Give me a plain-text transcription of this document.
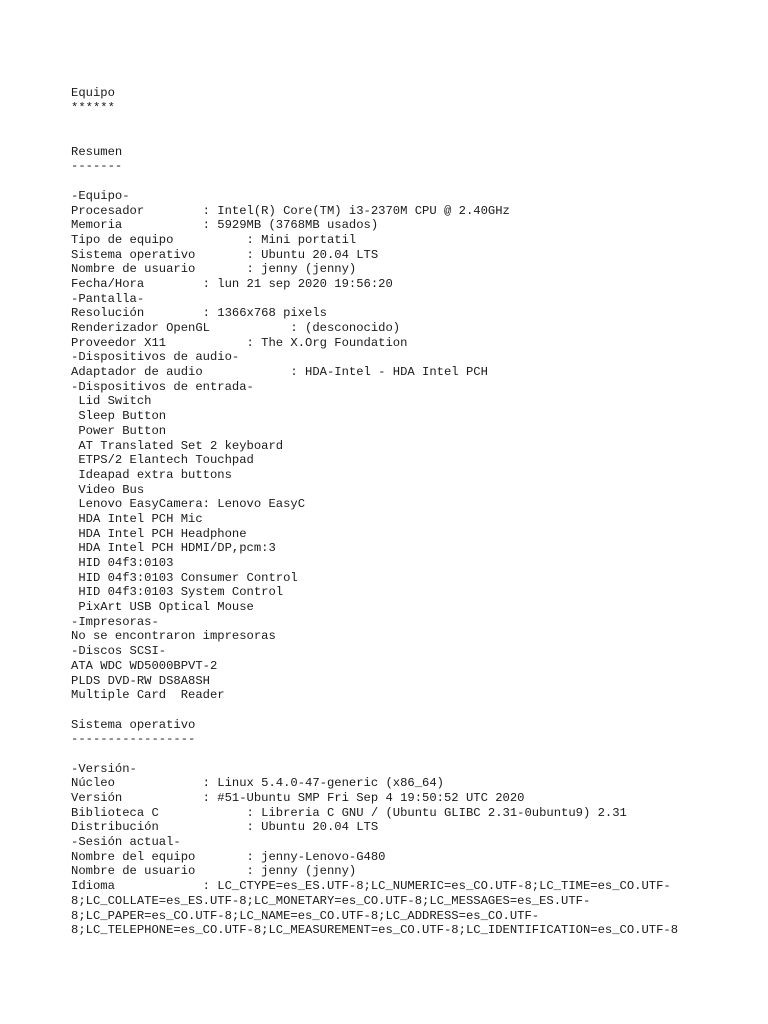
Equipo
******
Resumen
-------
-Equipo-
Procesador        : Intel(R) Core(TM) i3-2370M CPU @ 2.40GHz
Memoria           : 5929MB (3768MB usados)
Tipo de equipo          : Mini portatil
Sistema operativo       : Ubuntu 20.04 LTS
Nombre de usuario       : jenny (jenny)
Fecha/Hora        : lun 21 sep 2020 19:56:20
-Pantalla-
Resolución        : 1366x768 pixels
Renderizador OpenGL           : (desconocido)
Proveedor X11           : The X.Org Foundation
-Dispositivos de audio-
Adaptador de audio            : HDA-Intel - HDA Intel PCH
-Dispositivos de entrada-
Lid Switch
Sleep Button
Power Button
AT Translated Set 2 keyboard
ETPS/2 Elantech Touchpad
Ideapad extra buttons
Video Bus
Lenovo EasyCamera: Lenovo EasyC
HDA Intel PCH Mic
HDA Intel PCH Headphone
HDA Intel PCH HDMI/DP,pcm:3
HID 04f3:0103
HID 04f3:0103 Consumer Control
HID 04f3:0103 System Control
PixArt USB Optical Mouse
-Impresoras-
No se encontraron impresoras
-Discos SCSI-
ATA WDC WD5000BPVT-2
PLDS DVD-RW DS8A8SH
Multiple Card  Reader
Sistema operativo
-----------------
-Versión-
Núcleo            : Linux 5.4.0-47-generic (x86_64)
Versión           : #51-Ubuntu SMP Fri Sep 4 19:50:52 UTC 2020
Biblioteca C            : Libreria C GNU / (Ubuntu GLIBC 2.31-0ubuntu9) 2.31
Distribución            : Ubuntu 20.04 LTS
-Sesión actual-
Nombre del equipo       : jenny-Lenovo-G480
Nombre de usuario       : jenny (jenny)
Idioma            : LC_CTYPE=es_ES.UTF-8;LC_NUMERIC=es_CO.UTF-8;LC_TIME=es_CO.UTF-
8;LC_COLLATE=es_ES.UTF-8;LC_MONETARY=es_CO.UTF-8;LC_MESSAGES=es_ES.UTF-
8;LC_PAPER=es_CO.UTF-8;LC_NAME=es_CO.UTF-8;LC_ADDRESS=es_CO.UTF-
8;LC_TELEPHONE=es_CO.UTF-8;LC_MEASUREMENT=es_CO.UTF-8;LC_IDENTIFICATION=es_CO.UTF-8
